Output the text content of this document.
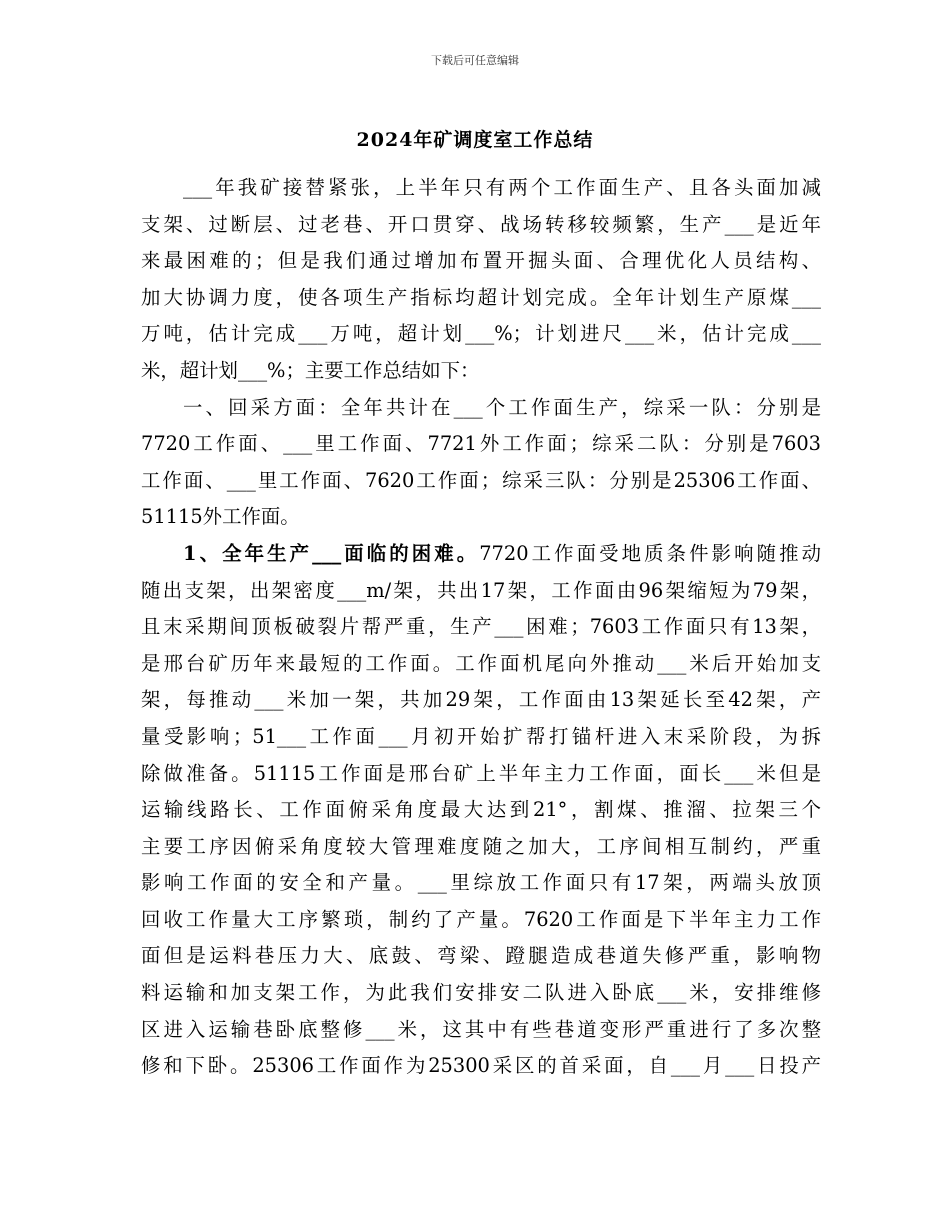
下载后可任意编辑
2024年矿调度室工作总结
___年我矿接替紧张，上半年只有两个工作面生产、且各头面加减
支架、过断层、过老巷、开口贯穿、战场转移较频繁，生产___是近年
来最困难的；但是我们通过增加布置开掘头面、合理优化人员结构、
加大协调力度，使各项生产指标均超计划完成。全年计划生产原煤___
万吨，估计完成___万吨，超计划___%；计划进尺___米，估计完成___
米，超计划___%；主要工作总结如下：
一、回采方面：全年共计在___个工作面生产，综采一队：分别是
7720工作面、___里工作面、7721外工作面；综采二队：分别是7603
工作面、___里工作面、7620工作面；综采三队：分别是25306工作面、
51115外工作面。
1、全年生产___面临的困难。7720工作面受地质条件影响随推动
随出支架，出架密度___m/架，共出17架，工作面由96架缩短为79架，
且末采期间顶板破裂片帮严重，生产___困难；7603工作面只有13架，
是邢台矿历年来最短的工作面。工作面机尾向外推动___米后开始加支
架，每推动___米加一架，共加29架，工作面由13架延长至42架，产
量受影响；51___工作面___月初开始扩帮打锚杆进入末采阶段，为拆
除做准备。51115工作面是邢台矿上半年主力工作面，面长___米但是
运输线路长、工作面俯采角度最大达到21°，割煤、推溜、拉架三个
主要工序因俯采角度较大管理难度随之加大，工序间相互制约，严重
影响工作面的安全和产量。___里综放工作面只有17架，两端头放顶
回收工作量大工序繁琐，制约了产量。7620工作面是下半年主力工作
面但是运料巷压力大、底鼓、弯梁、蹬腿造成巷道失修严重，影响物
料运输和加支架工作，为此我们安排安二队进入卧底___米，安排维修
区进入运输巷卧底整修___米，这其中有些巷道变形严重进行了多次整
修和下卧。25306工作面作为25300采区的首采面，自___月___日投产
